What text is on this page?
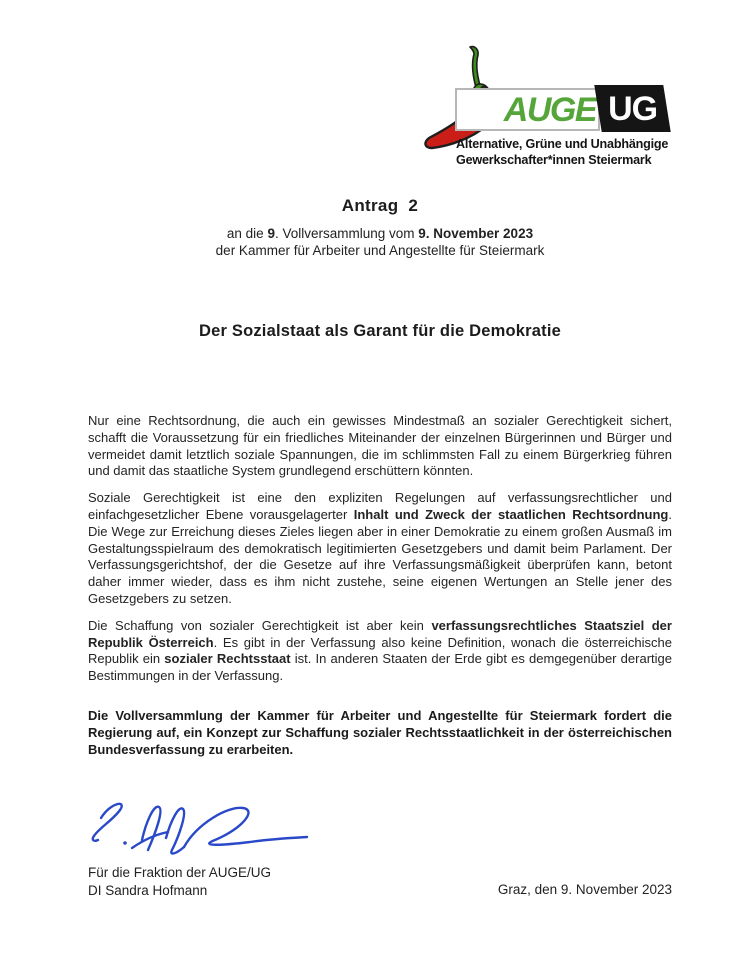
AUGE UG
Alternative, Grüne und Unabhängige
Gewerkschafter*innen Steiermark
Antrag  2

an die 9. Vollversammlung vom 9. November 2023
der Kammer für Arbeiter und Angestellte für Steiermark

Der Sozialstaat als Garant für die Demokratie

Nur eine Rechtsordnung, die auch ein gewisses Mindestmaß an sozialer Gerechtigkeit sichert, schafft die Voraussetzung für ein friedliches Miteinander der einzelnen Bürgerinnen und Bürger und vermeidet damit letztlich soziale Spannungen, die im schlimmsten Fall zu einem Bürgerkrieg führen und damit das staatliche System grundlegend erschüttern könnten.

Soziale Gerechtigkeit ist eine den expliziten Regelungen auf verfassungsrechtlicher und einfachgesetzlicher Ebene vorausgelagerter Inhalt und Zweck der staatlichen Rechtsordnung. Die Wege zur Erreichung dieses Zieles liegen aber in einer Demokratie zu einem großen Ausmaß im Gestaltungsspielraum des demokratisch legitimierten Gesetzgebers und damit beim Parlament. Der Verfassungsgerichtshof, der die Gesetze auf ihre Verfassungsmäßigkeit überprüfen kann, betont daher immer wieder, dass es ihm nicht zustehe, seine eigenen Wertungen an Stelle jener des Gesetzgebers zu setzen.

Die Schaffung von sozialer Gerechtigkeit ist aber kein verfassungsrechtliches Staatsziel der Republik Österreich. Es gibt in der Verfassung also keine Definition, wonach die österreichische Republik ein sozialer Rechtsstaat ist. In anderen Staaten der Erde gibt es demgegenüber derartige Bestimmungen in der Verfassung.

Die Vollversammlung der Kammer für Arbeiter und Angestellte für Steiermark fordert die Regierung auf, ein Konzept zur Schaffung sozialer Rechtsstaatlichkeit in der österreichischen Bundesverfassung zu erarbeiten.

Für die Fraktion der AUGE/UG
DI Sandra Hofmann	Graz, den 9. November 2023
